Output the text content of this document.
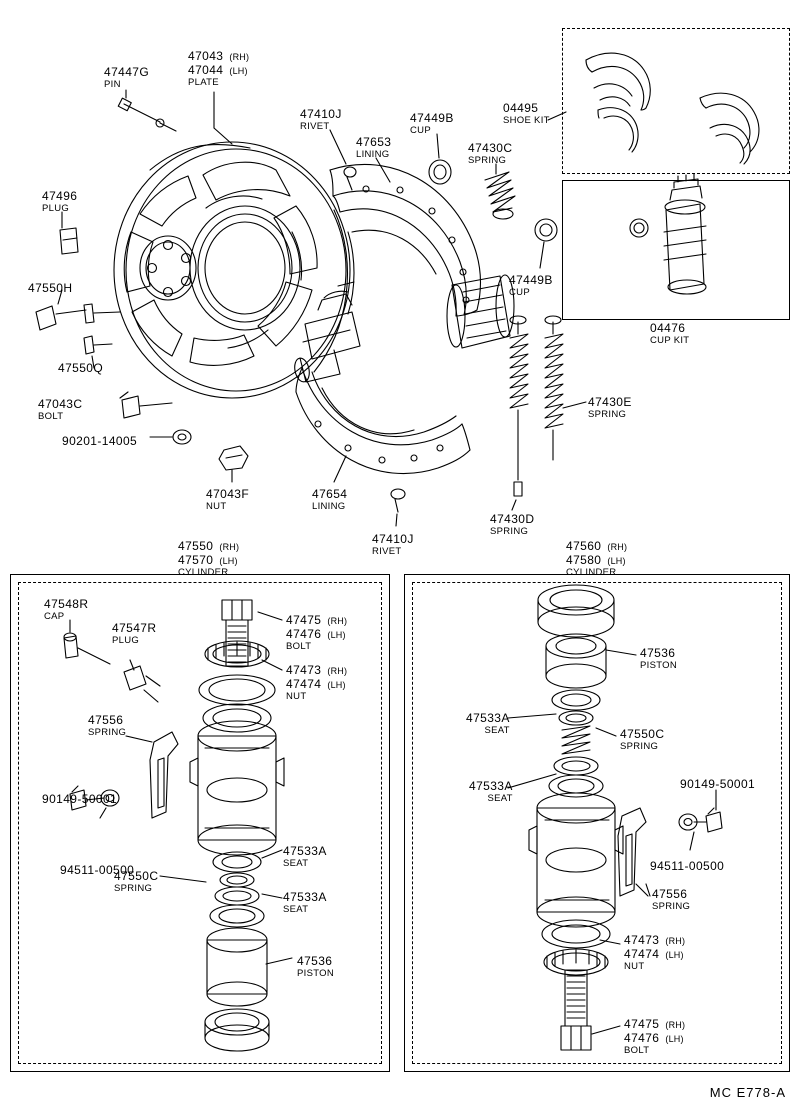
47447G
PIN
47043 (RH)
47044 (LH)
PLATE
47410J
RIVET
47653
LINING
47449B
CUP
47430C
SPRING
04495
SHOE KIT
47496
PLUG
47550H
47550Q
47043C
BOLT
90201-14005
47043F
NUT
47654
LINING
47410J
RIVET
47430D
SPRING
47430E
SPRING
47449B
CUP
04476
CUP KIT
47550 (RH)
47570 (LH)
CYLINDER
47560 (RH)
47580 (LH)
CYLINDER
47548R
CAP
47547R
PLUG
47475 (RH)
47476 (LH)
BOLT
47473 (RH)
47474 (LH)
NUT
47556
SPRING
90149-50001
94511-00500
47533A
SEAT
47550C
SPRING
47533A
SEAT
47536
PISTON
47536
PISTON
47533A
SEAT	47550C
SPRING
47533A
SEAT
90149-50001
94511-00500
47556
SPRING
47473 (RH)
47474 (LH)
NUT
47475 (RH)
47476 (LH)
BOLT
MC E778-A
